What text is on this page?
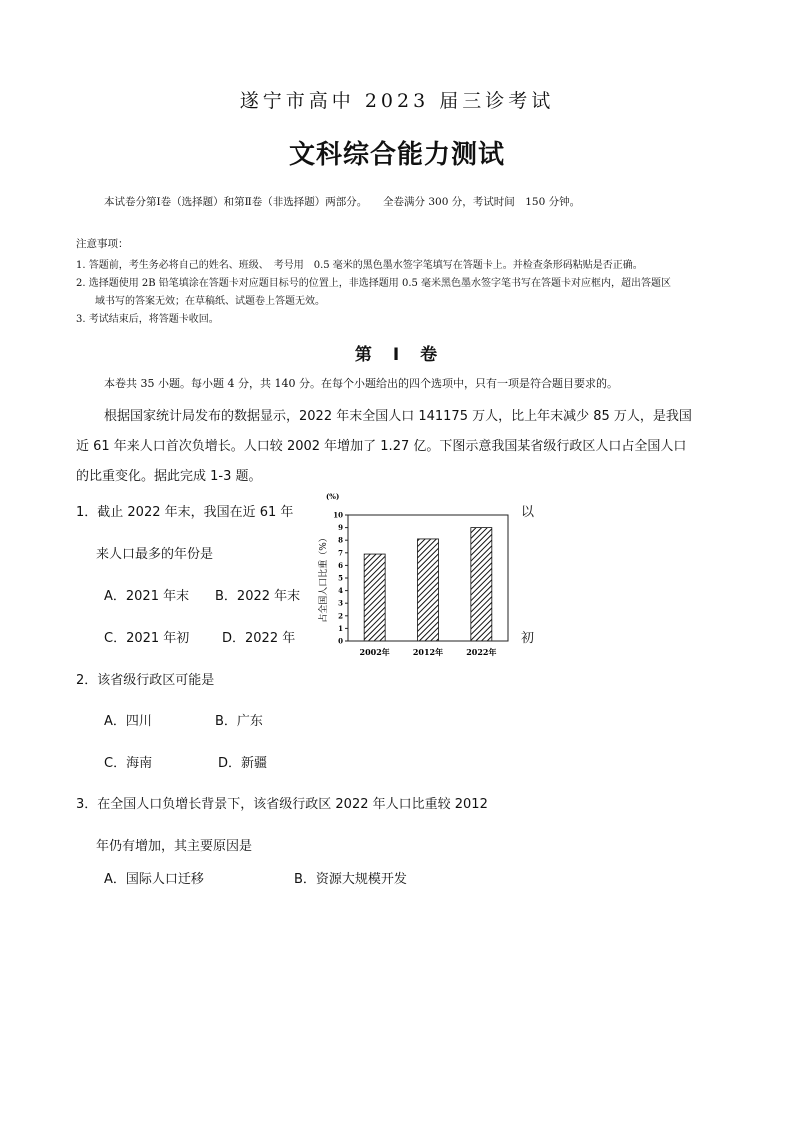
遂宁市高中 2023 届三诊考试
文科综合能力测试
本试卷分第Ⅰ卷（选择题）和第Ⅱ卷（非选择题）两部分。　　全卷满分 300 分，考试时间　150 分钟。
注意事项：
1. 答题前，考生务必将自己的姓名、班级、　考号用　0.5 毫米的黑色墨水签字笔填写在答题卡上。并检查条形码粘贴是否正确。
2. 选择题使用 2B 铅笔填涂在答题卡对应题目标号的位置上，非选择题用 0.5 毫米黑色墨水签字笔书写在答题卡对应框内，超出答题区
域书写的答案无效；在草稿纸、试题卷上答题无效。
3. 考试结束后，将答题卡收回。
第　Ⅰ　卷
本卷共 35 小题。每小题 4 分，共 140 分。在每个小题给出的四个选项中，只有一项是符合题目要求的。
根据国家统计局发布的数据显示，2022 年末全国人口 141175 万人，比上年末减少 85 万人，是我国
近 61 年来人口首次负增长。人口较 2002 年增加了 1.27 亿。下图示意我国某省级行政区人口占全国人口
的比重变化。据此完成 1-3 题。
1．截止 2022 年末，我国在近 61 年	以
来人口最多的年份是
A．2021 年末 B．2022 年末
C．2021 年初	D．2022 年	初
2．该省级行政区可能是
A．四川	B．广东
C．海南	D．新疆
3．在全国人口负增长背景下，该省级行政区 2022 年人口比重较 2012
年仍有增加，其主要原因是
A．国际人口迁移	B．资源大规模开发
(%)
占全国人口比重（%）
0
1
2
3
4
5
6
7
8
9
10
2002年	2012年	2022年
